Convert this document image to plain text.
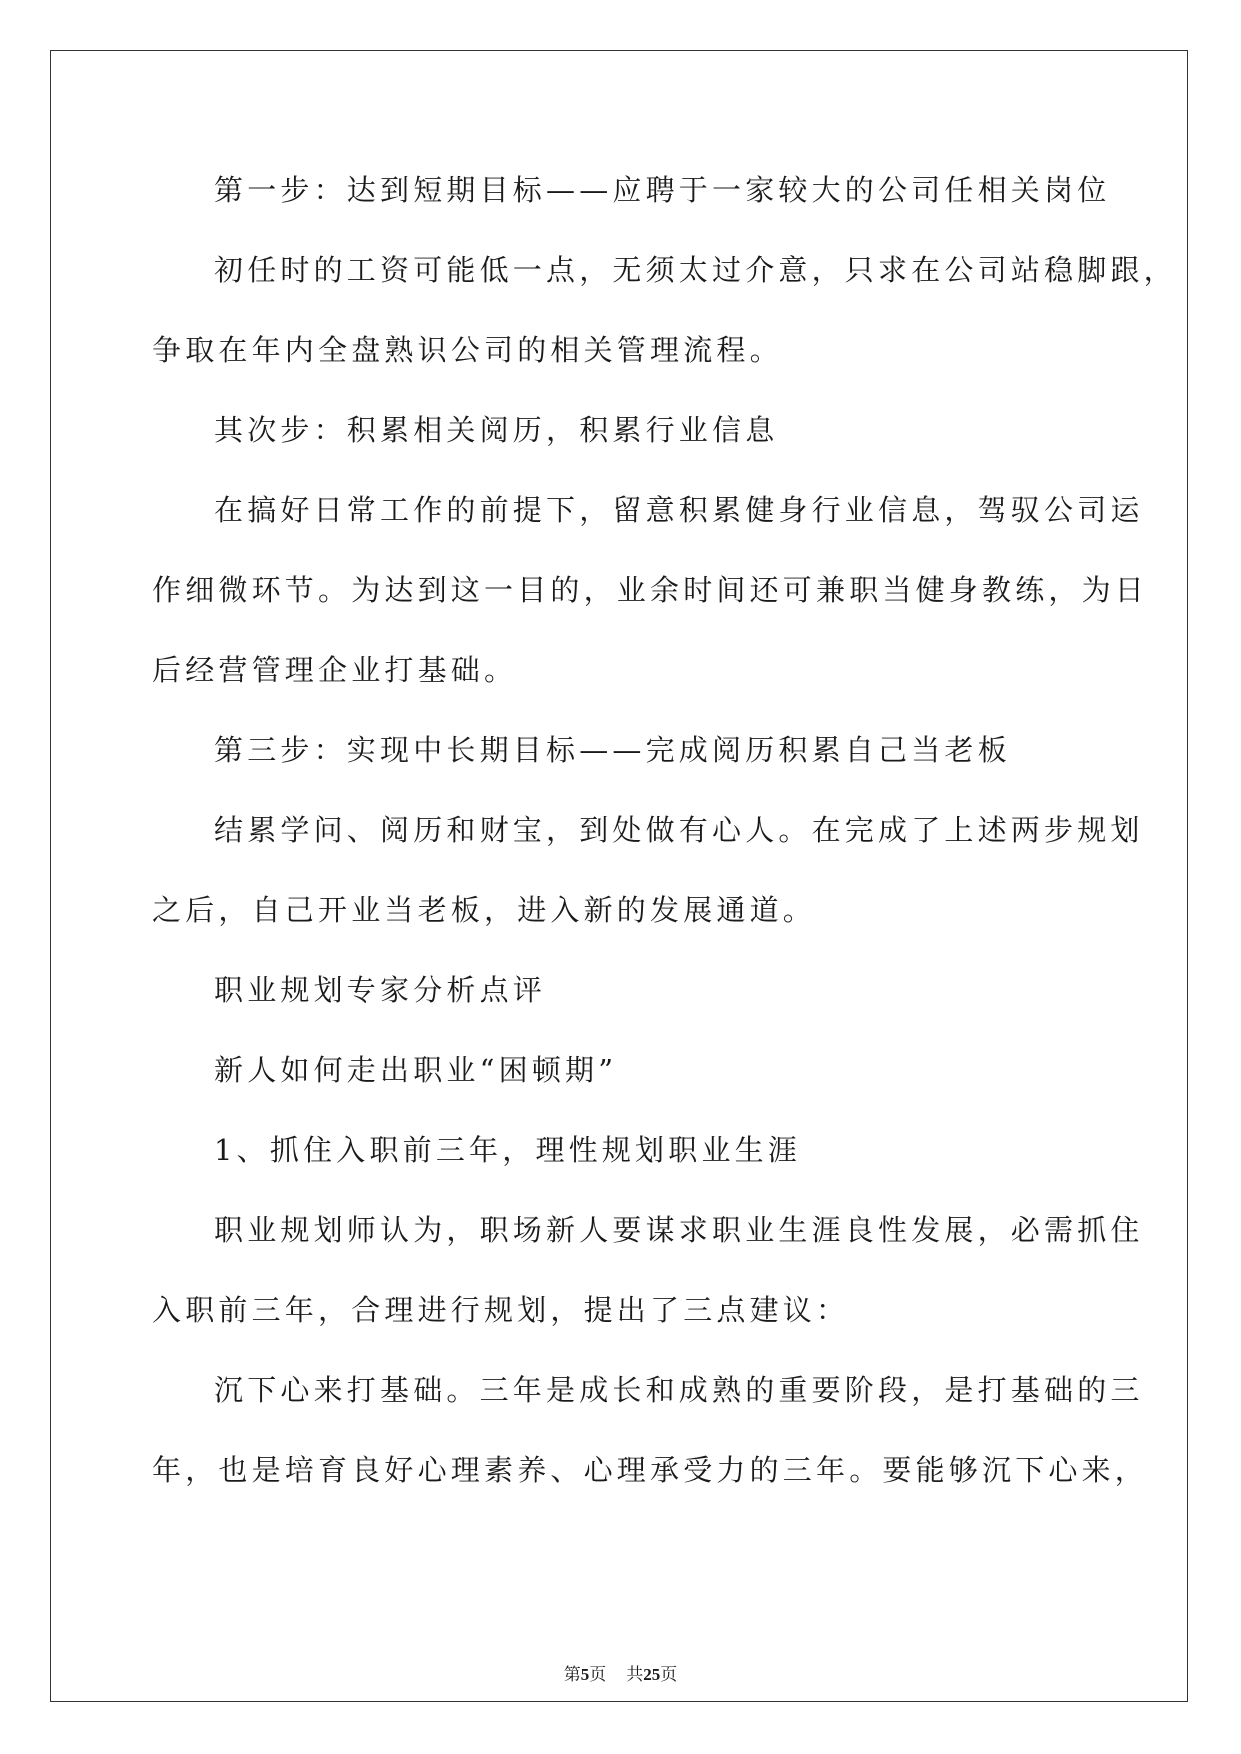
第一步：达到短期目标——应聘于一家较大的公司任相关岗位
初任时的工资可能低一点，无须太过介意，只求在公司站稳脚跟，
争取在年内全盘熟识公司的相关管理流程。
其次步：积累相关阅历，积累行业信息
在搞好日常工作的前提下，留意积累健身行业信息，驾驭公司运
作细微环节。为达到这一目的，业余时间还可兼职当健身教练，为日
后经营管理企业打基础。
第三步：实现中长期目标——完成阅历积累自己当老板
结累学问、阅历和财宝，到处做有心人。在完成了上述两步规划
之后，自己开业当老板，进入新的发展通道。
职业规划专家分析点评
新人如何走出职业“困顿期”
1、抓住入职前三年，理性规划职业生涯
职业规划师认为，职场新人要谋求职业生涯良性发展，必需抓住
入职前三年，合理进行规划，提出了三点建议：
沉下心来打基础。三年是成长和成熟的重要阶段，是打基础的三
年，也是培育良好心理素养、心理承受力的三年。要能够沉下心来，
第5页 共25页
